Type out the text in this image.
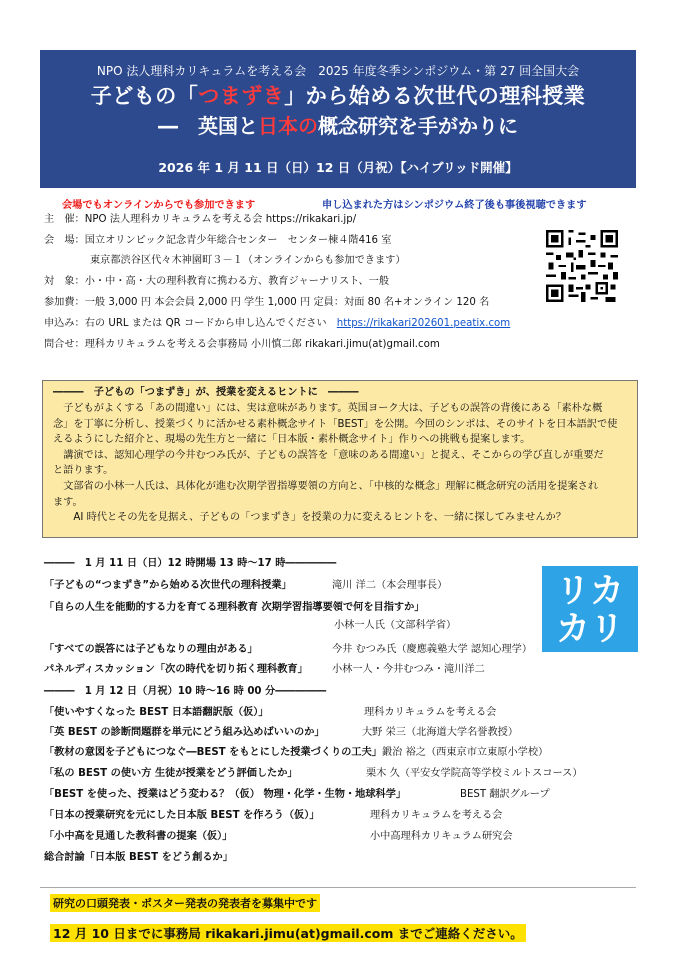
NPO 法人理科カリキュラムを考える会　2025 年度冬季シンポジウム・第 27 回全国大会
子どもの「つまずき」から始める次世代の理科授業
―　 英国と日本の概念研究を手がかりに
2026 年 1 月 11 日（日）12 日（月祝）【ハイブリッド開催】
会場でもオンラインからでも参加できます	申し込まれた方はシンポジウム終了後も事後視聴できます
主　催：NPO 法人理科カリキュラムを考える会 https://rikakari.jp/
会　場：国立オリンピック記念青少年総合センター　センター棟４階416 室
東京都渋谷区代々木神園町３－１（オンラインからも参加できます）
対　象：小・中・高・大の理科教育に携わる方、教育ジャーナリスト、一般
参加費：一般 3,000 円 本会会員 2,000 円 学生 1,000 円 定員：対面 80 名+オンライン 120 名
申込み：右の URL または QR コードから申し込んでください　 https://rikakari202601.peatix.com
問合せ：理科カリキュラムを考える会事務局 小川慎二郎 rikakari.jimu(at)gmail.com
―――　子どもの「つまずき」が、授業を変えるヒントに　―――
子どもがよくする「あの間違い」には、実は意味があります。英国ヨーク大は、子どもの誤答の背後にある「素朴な概
念」を丁寧に分析し、授業づくりに活かせる素朴概念サイト「BEST」を公開。今回のシンポは、そのサイトを日本語訳で使
えるようにした紹介と、現場の先生方と一緒に「日本版・素朴概念サイト」作りへの挑戦も提案します。
講演では、認知心理学の今井むつみ氏が、子どもの誤答を「意味のある間違い」と捉え、そこからの学び直しが重要だ
と語ります。
文部省の小林一人氏は、具体化が進む次期学習指導要領の方向と、「中核的な概念」理解に概念研究の活用を提案され
ます。
AI 時代とその先を見据え、子どもの「つまずき」を授業の力に変えるヒントを、一緒に探してみませんか？
―――　1 月 11 日（日）12 時開場 13 時～17 時―――――
「子どもの“つまずき”から始める次世代の理科授業」	滝川 洋二（本会理事長）
「自らの人生を能動的する力を育てる理科教育 次期学習指導要領で何を目指すか」
小林一人氏（文部科学省）
「すべての誤答には子どもなりの理由がある」	今井 むつみ氏（慶應義塾大学 認知心理学）
パネルディスカッション「次の時代を切り拓く理科教育」 小林一人・今井むつみ・滝川洋二
リカ
カリ
―――　1 月 12 日（月祝）10 時～16 時 00 分―――――
「使いやすくなった BEST 日本語翻訳版（仮）」	理科カリキュラムを考える会
「英 BEST の診断問題群を単元にどう組み込めばいいのか」	大野 栄三（北海道大学名誉教授）
「教材の意図を子どもにつなぐ―BEST をもとにした授業づくりの工夫」 鍛治 裕之（西東京市立東原小学校）
「私の BEST の使い方 生徒が授業をどう評価したか」	栗木 久（平安女学院高等学校ミルトスコース）
「BEST を使った、授業はどう変わる？（仮） 物理・化学・生物・地球科学」	BEST 翻訳グループ
「日本の授業研究を元にした日本版 BEST を作ろう（仮）」	理科カリキュラムを考える会
「小中高を見通した教科書の提案（仮）」	小中高理科カリキュラム研究会
総合討論「日本版 BEST をどう創るか」
研究の口頭発表・ポスター発表の発表者を募集中です
12 月 10 日までに事務局 rikakari.jimu(at)gmail.com までご連絡ください。
